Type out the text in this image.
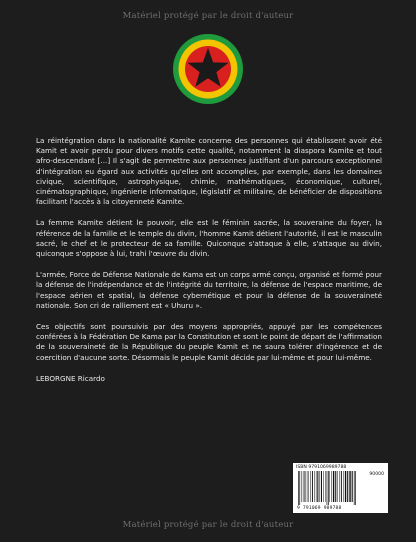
Matériel protégé par le droit d'auteur

La réintégration dans la nationalité Kamite concerne des personnes qui établissent avoir été Kamit et avoir perdu pour divers motifs cette qualité, notamment la diaspora Kamite et tout afro-descendant [...] Il s'agit de permettre aux personnes justifiant d'un parcours exceptionnel d'intégration eu égard aux activités qu'elles ont accomplies, par exemple, dans les domaines civique, scientifique, astrophysique, chimie, mathématiques, économique, culturel, cinématographique, ingénierie informatique, législatif et militaire, de bénéficier de dispositions facilitant l'accès à la citoyenneté Kamite.

La femme Kamite détient le pouvoir, elle est le féminin sacrée, la souveraine du foyer, la référence de la famille et le temple du divin, l'homme Kamit détient l'autorité, il est le masculin sacré, le chef et le protecteur de sa famille. Quiconque s'attaque à elle, s'attaque au divin, quiconque s'oppose à lui, trahi l'œuvre du divin.

L'armée, Force de Défense Nationale de Kama est un corps armé conçu, organisé et formé pour la défense de l'indépendance et de l'intégrité du territoire, la défense de l'espace maritime, de l'espace aérien et spatial, la défense cybernétique et pour la défense de la souveraineté nationale. Son cri de ralliement est « Uhuru ».

Ces objectifs sont poursuivis par des moyens appropriés, appuyé par les compétences conférées à la Fédération De Kama par la Constitution et sont le point de départ de l'affirmation de la souveraineté de la République du peuple Kamit et ne saura tolérer d'ingérence et de coercition d'aucune sorte. Désormais le peuple Kamit décide par lui-même et pour lui-même.

LEBORGNE Ricardo

ISBN 9791069989788
90000
9 791069 989788
Matériel protégé par le droit d'auteur
